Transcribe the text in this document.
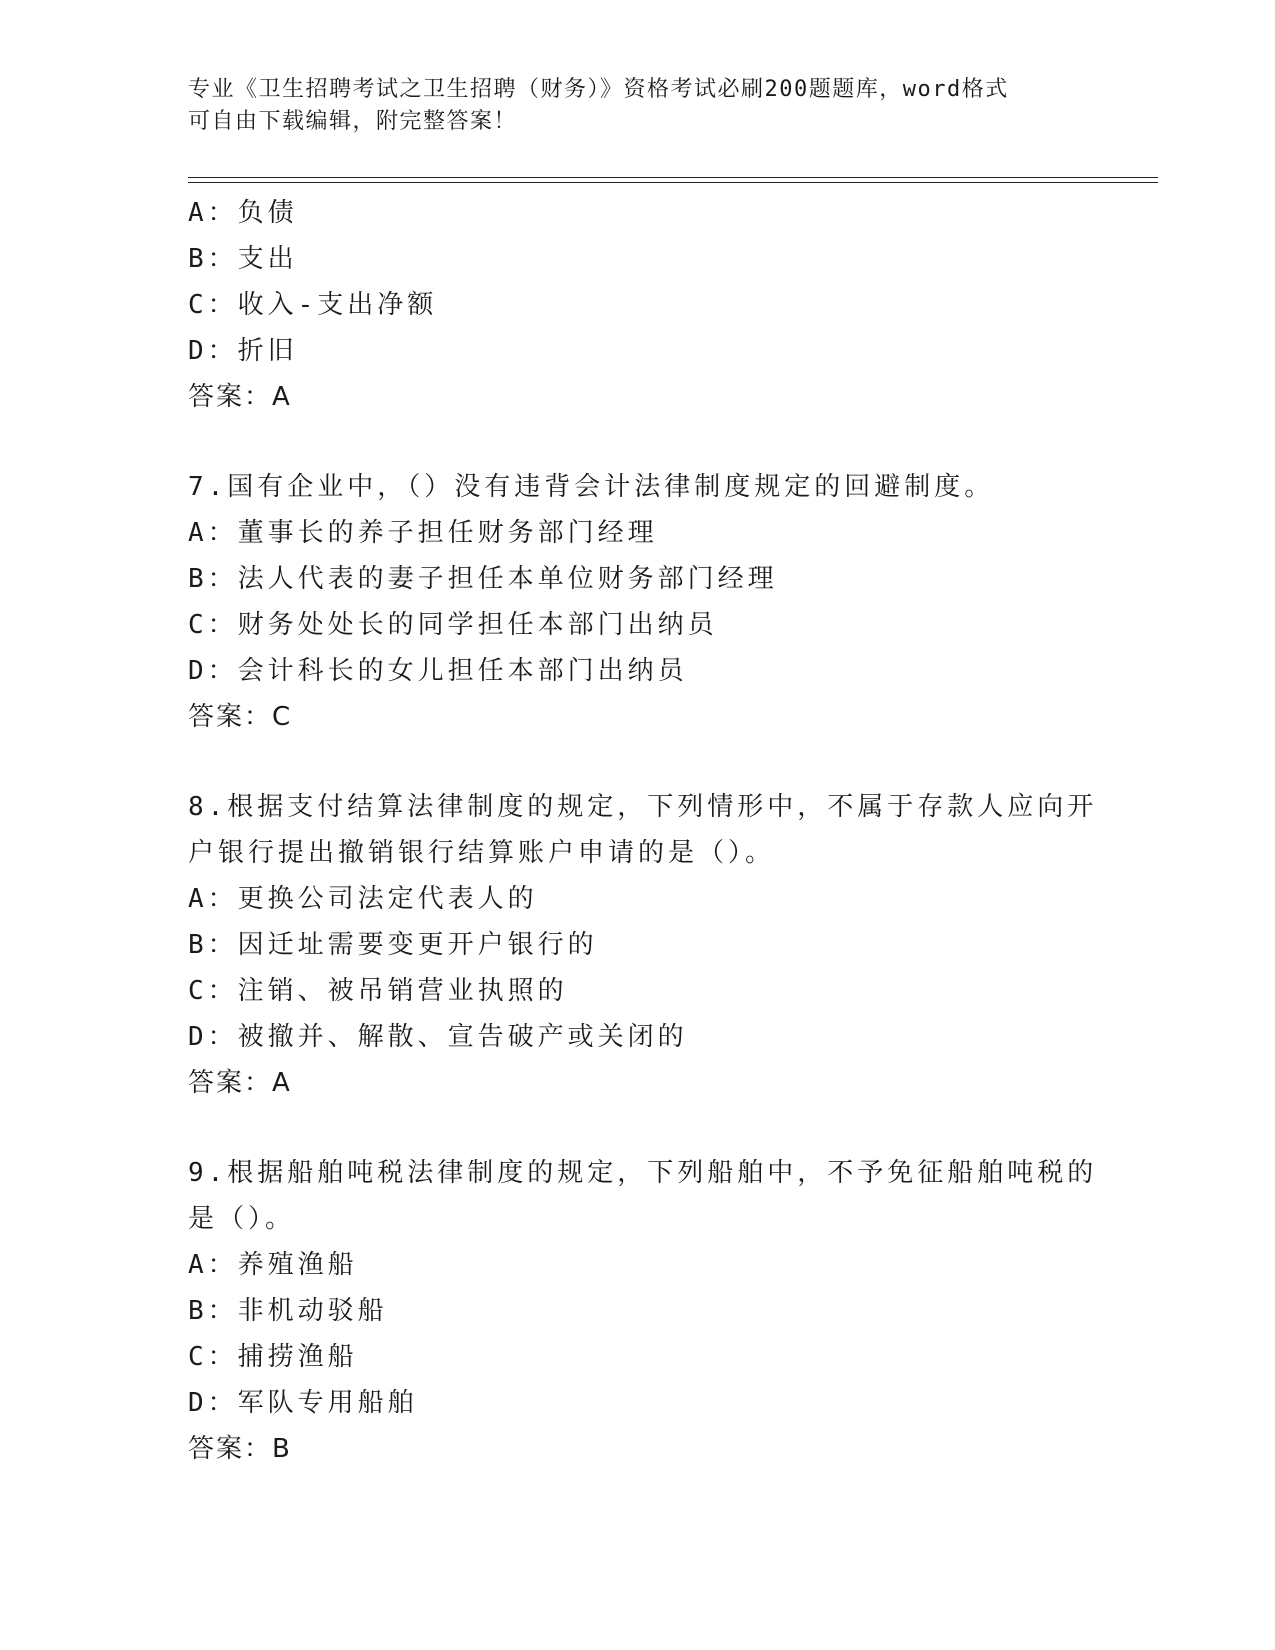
专业《卫生招聘考试之卫生招聘（财务）》资格考试必刷200题题库，word格式
可自由下载编辑，附完整答案！
A：负债
B：支出
C：收入-支出净额
D：折旧
答案：A
7.国有企业中，（）没有违背会计法律制度规定的回避制度。
A：董事长的养子担任财务部门经理
B：法人代表的妻子担任本单位财务部门经理
C：财务处处长的同学担任本部门出纳员
D：会计科长的女儿担任本部门出纳员
答案：C
8.根据支付结算法律制度的规定，下列情形中，不属于存款人应向开
户银行提出撤销银行结算账户申请的是（）。
A：更换公司法定代表人的
B：因迁址需要变更开户银行的
C：注销、被吊销营业执照的
D：被撤并、解散、宣告破产或关闭的
答案：A
9.根据船舶吨税法律制度的规定，下列船舶中，不予免征船舶吨税的
是（）。
A：养殖渔船
B：非机动驳船
C：捕捞渔船
D：军队专用船舶
答案：B
